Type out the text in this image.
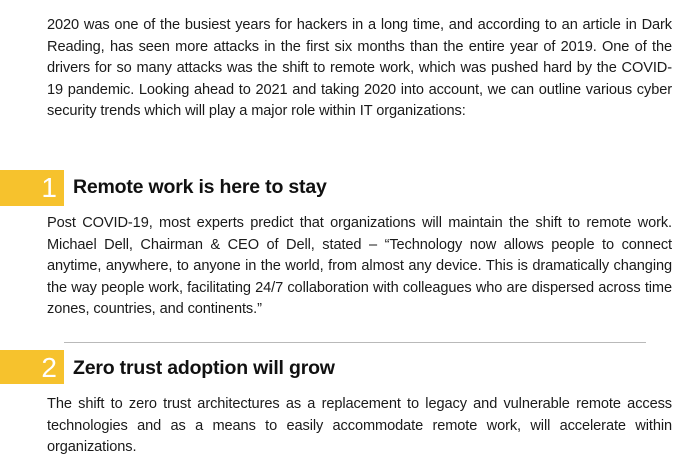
2020 was one of the busiest years for hackers in a long time, and according to an article in Dark Reading, has seen more attacks in the first six months than the entire year of 2019. One of the drivers for so many attacks was the shift to remote work, which was pushed hard by the COVID-19 pandemic. Looking ahead to 2021 and taking 2020 into account, we can outline various cyber security trends which will play a major role within IT organizations:

1 Remote work is here to stay

Post COVID-19, most experts predict that organizations will maintain the shift to remote work. Michael Dell, Chairman & CEO of Dell, stated – “Technology now allows people to connect anytime, anywhere, to anyone in the world, from almost any device. This is dramatically changing the way people work, facilitating 24/7 collaboration with colleagues who are dispersed across time zones, countries, and continents.”

2 Zero trust adoption will grow

The shift to zero trust architectures as a replacement to legacy and vulnerable remote access technologies and as a means to easily accommodate remote work, will accelerate within organizations.
